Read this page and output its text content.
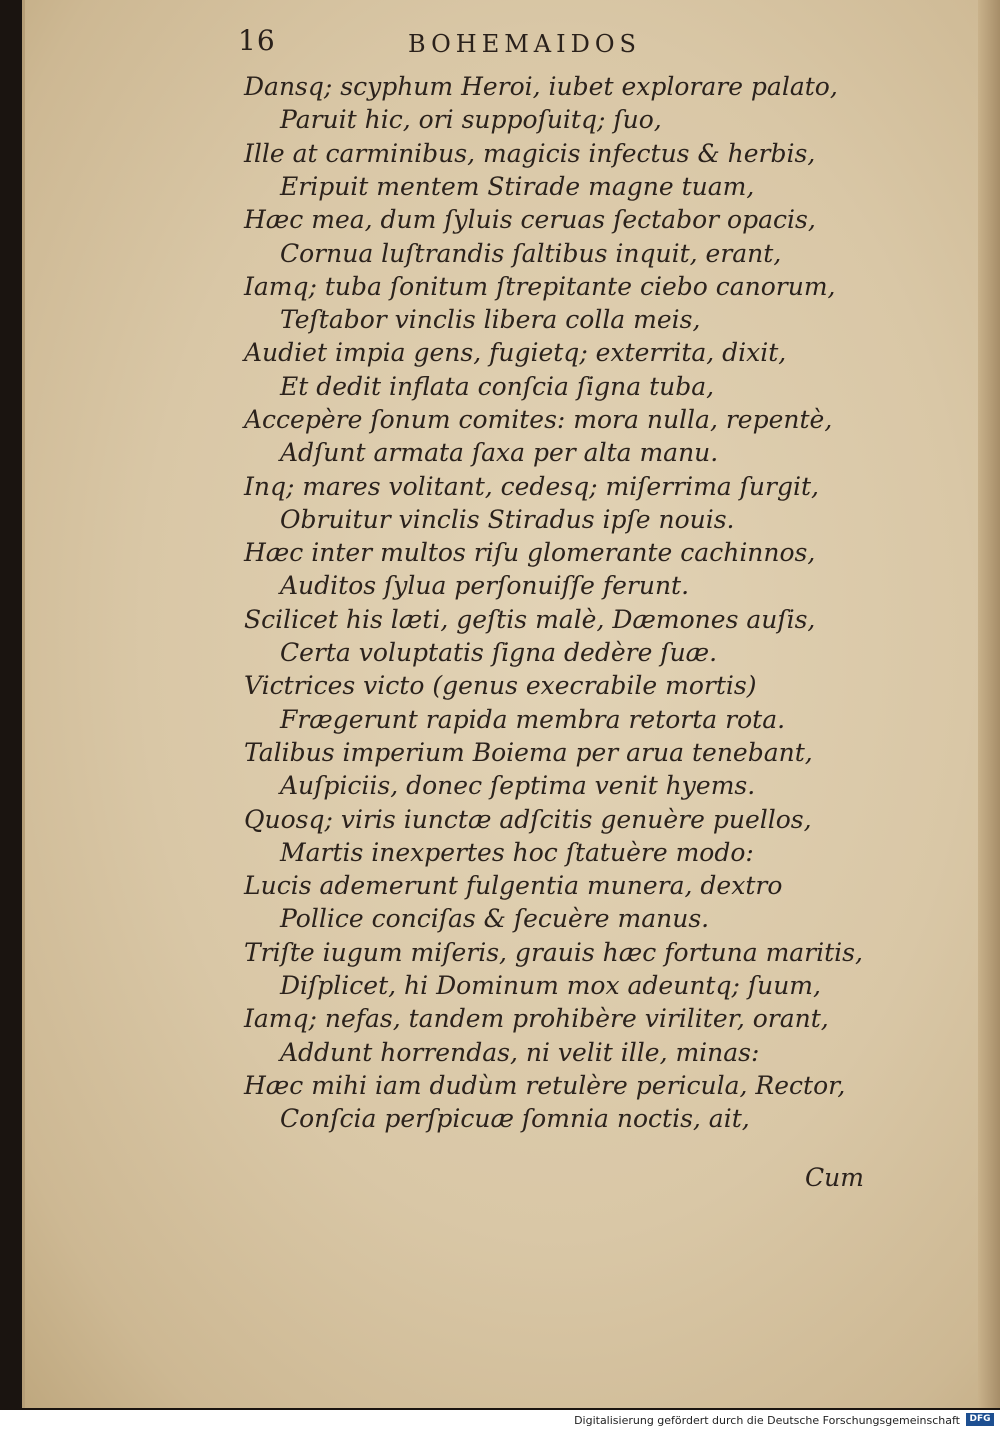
16	BOHEMAIDOS
Dansq; scyphum Heroi, iubet explorare palato,
Paruit hic, ori suppoſuitq; ſuo,
Ille at carminibus, magicis infectus & herbis,
Eripuit mentem Stirade magne tuam,
Hæc mea, dum ſyluis ceruas ſectabor opacis,
Cornua luſtrandis ſaltibus inquit, erant,
Iamq; tuba ſonitum ſtrepitante ciebo canorum,
Teſtabor vinclis libera colla meis,
Audiet impia gens, fugietq; exterrita, dixit,
Et dedit inflata conſcia ſigna tuba,
Accepère ſonum comites: mora nulla, repentè,
Adſunt armata ſaxa per alta manu.
Inq; mares volitant, cedesq; miſerrima ſurgit,
Obruitur vinclis Stiradus ipſe nouis.
Hæc inter multos riſu glomerante cachinnos,
Auditos ſylua perſonuiſſe ferunt.
Scilicet his læti, geſtis malè, Dæmones auſis,
Certa voluptatis ſigna dedère ſuæ.
Victrices victo (genus execrabile mortis)
Frægerunt rapida membra retorta rota.
Talibus imperium Boiema per arua tenebant,
Auſpiciis, donec ſeptima venit hyems.
Quosq; viris iunctæ adſcitis genuère puellos,
Martis inexpertes hoc ſtatuère modo:
Lucis ademerunt fulgentia munera, dextro
Pollice conciſas & ſecuère manus.
Triſte iugum miſeris, grauis hæc fortuna maritis,
Diſplicet, hi Dominum mox adeuntq; ſuum,
Iamq; nefas, tandem prohibère viriliter, orant,
Addunt horrendas, ni velit ille, minas:
Hæc mihi iam dudùm retulère pericula, Rector,
Conſcia perſpicuæ ſomnia noctis, ait,
Cum
Digitalisierung gefördert durch die Deutsche Forschungsgemeinschaft	DFG
